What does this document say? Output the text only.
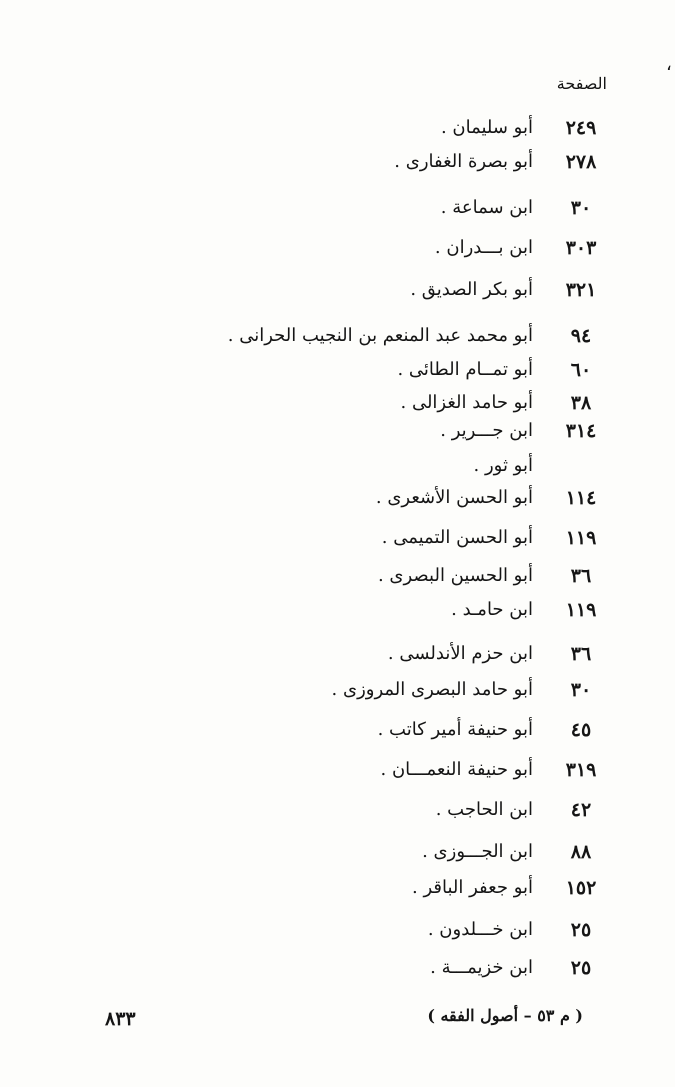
،
الصفحة
٢٤٩
أبو سليمان .
٢٧٨
أبو بصرة الغفارى .
٣٠
ابن سماعة .
٣٠٣
ابن بـــدران .
٣٢١
أبو بكر الصديق .
٩٤
أبو محمد عبد المنعم بن النجيب الحرانى .
٦٠
أبو تمــام الطائى .
٣٨
أبو حامد الغزالى .
٣١٤
ابن جـــرير .
أبو ثور .
١١٤
أبو الحسن الأشعرى .
١١٩
أبو الحسن التميمى .
٣٦
أبو الحسين البصرى .
١١٩
ابن حامـد .
٣٦
ابن حزم الأندلسى .
٣٠
أبو حامد البصرى المروزى .
٤٥
أبو حنيفة أمير كاتب .
٣١٩
أبو حنيفة النعمـــان .
٤٢
ابن الحاجب .
٨٨
ابن الجـــوزى .
١٥٢
أبو جعفر الباقر .
٢٥
ابن خـــلدون .
٢٥
ابن خزيمـــة .
٨٣٣	( م ٥٣ – أصول الفقه )
